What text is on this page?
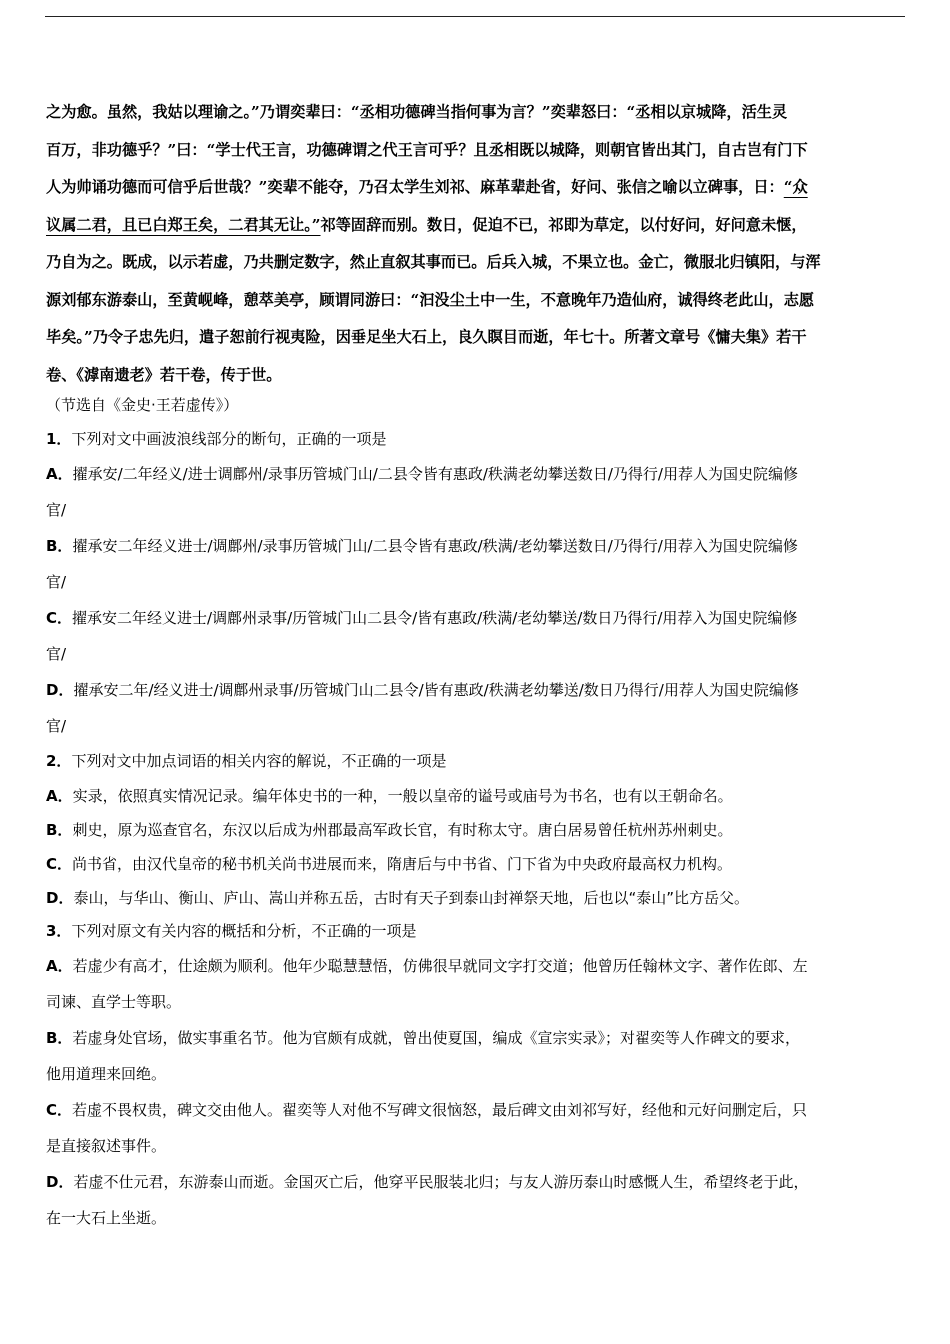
之为愈。虽然，我姑以理谕之。”乃谓奕辈曰：“丞相功德碑当指何事为言？”奕辈怒曰：“丞相以京城降，活生灵
百万，非功德乎？”曰：“学士代王言，功德碑谓之代王言可乎？且丞相既以城降，则朝官皆出其门，自古岂有门下
人为帅诵功德而可信乎后世哉？”奕辈不能夺，乃召太学生刘祁、麻革辈赴省，好问、张信之喻以立碑事，日：“众
议属二君，且已白郑王矣，二君其无让。”祁等固辞而别。数日，促迫不已，祁即为草定，以付好问，好问意未惬，
乃自为之。既成，以示若虚，乃共删定数字，然止直叙其事而已。后兵入城，不果立也。金亡，微服北归镇阳，与浑
源刘郁东游泰山，至黄岘峰，憩萃美亭，顾谓同游曰：“汩没尘土中一生，不意晚年乃造仙府，诚得终老此山，志愿
毕矣。”乃令子忠先归，遣子恕前行视夷险，因垂足坐大石上，良久瞑目而逝，年七十。所著文章号《慵夫集》若干
卷、《滹南遗老》若干卷，传于世。
（节选自《金史·王若虚传》）
1．下列对文中画波浪线部分的断句，正确的一项是
A．擢承安/二年经义/进士调鄜州/录事历管城门山/二县令皆有惠政/秩满老幼攀送数日/乃得行/用荐人为国史院编修
官/
B．擢承安二年经义进士/调鄜州/录事历管城门山/二县令皆有惠政/秩满/老幼攀送数日/乃得行/用荐入为国史院编修
官/
C．擢承安二年经义进士/调鄜州录事/历管城门山二县令/皆有惠政/秩满/老幼攀送/数日乃得行/用荐入为国史院编修
官/
D．擢承安二年/经义进士/调鄜州录事/历管城门山二县令/皆有惠政/秩满老幼攀送/数日乃得行/用荐人为国史院编修
官/
2．下列对文中加点词语的相关内容的解说，不正确的一项是
A．实录，依照真实情况记录。编年体史书的一种，一般以皇帝的谥号或庙号为书名，也有以王朝命名。
B．刺史，原为巡查官名，东汉以后成为州郡最高军政长官，有时称太守。唐白居易曾任杭州苏州刺史。
C．尚书省，由汉代皇帝的秘书机关尚书进展而来，隋唐后与中书省、门下省为中央政府最高权力机构。
D．泰山，与华山、衡山、庐山、嵩山并称五岳，古时有天子到泰山封禅祭天地，后也以“泰山”比方岳父。
3．下列对原文有关内容的概括和分析，不正确的一项是
A．若虚少有高才，仕途颇为顺利。他年少聪慧慧悟，仿佛很早就同文字打交道；他曾历任翰林文字、著作佐郎、左
司谏、直学士等职。
B．若虚身处官场，做实事重名节。他为官颇有成就，曾出使夏国，编成《宣宗实录》；对翟奕等人作碑文的要求，
他用道理来回绝。
C．若虚不畏权贵，碑文交由他人。翟奕等人对他不写碑文很恼怒，最后碑文由刘祁写好，经他和元好问删定后，只
是直接叙述事件。
D．若虚不仕元君，东游泰山而逝。金国灭亡后，他穿平民服装北归；与友人游历泰山时感慨人生，希望终老于此，
在一大石上坐逝。
